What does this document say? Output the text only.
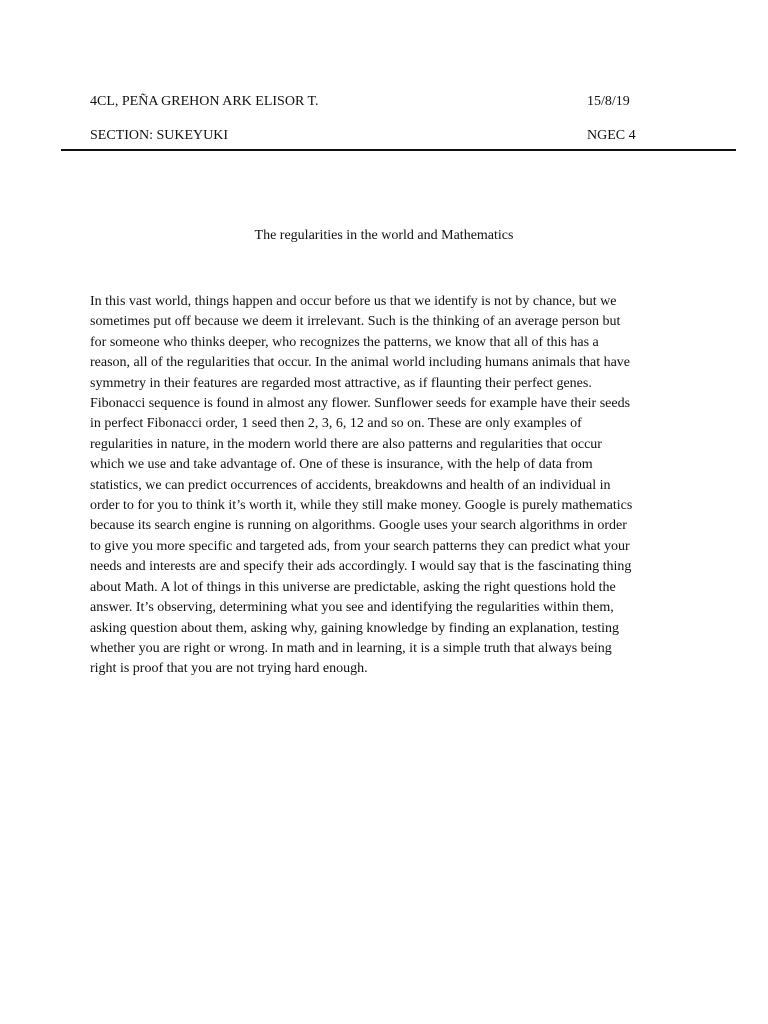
4CL, PEÑA GREHON ARK ELISOR T.	15/8/19
SECTION: SUKEYUKI	NGEC 4
The regularities in the world and Mathematics
In this vast world, things happen and occur before us that we identify is not by chance, but we
sometimes put off because we deem it irrelevant. Such is the thinking of an average person but
for someone who thinks deeper, who recognizes the patterns, we know that all of this has a
reason, all of the regularities that occur. In the animal world including humans animals that have
symmetry in their features are regarded most attractive, as if flaunting their perfect genes.
Fibonacci sequence is found in almost any flower. Sunflower seeds for example have their seeds
in perfect Fibonacci order, 1 seed then 2, 3, 6, 12 and so on. These are only examples of
regularities in nature, in the modern world there are also patterns and regularities that occur
which we use and take advantage of. One of these is insurance, with the help of data from
statistics, we can predict occurrences of accidents, breakdowns and health of an individual in
order to for you to think it’s worth it, while they still make money. Google is purely mathematics
because its search engine is running on algorithms. Google uses your search algorithms in order
to give you more specific and targeted ads, from your search patterns they can predict what your
needs and interests are and specify their ads accordingly. I would say that is the fascinating thing
about Math. A lot of things in this universe are predictable, asking the right questions hold the
answer. It’s observing, determining what you see and identifying the regularities within them,
asking question about them, asking why, gaining knowledge by finding an explanation, testing
whether you are right or wrong. In math and in learning, it is a simple truth that always being
right is proof that you are not trying hard enough.
